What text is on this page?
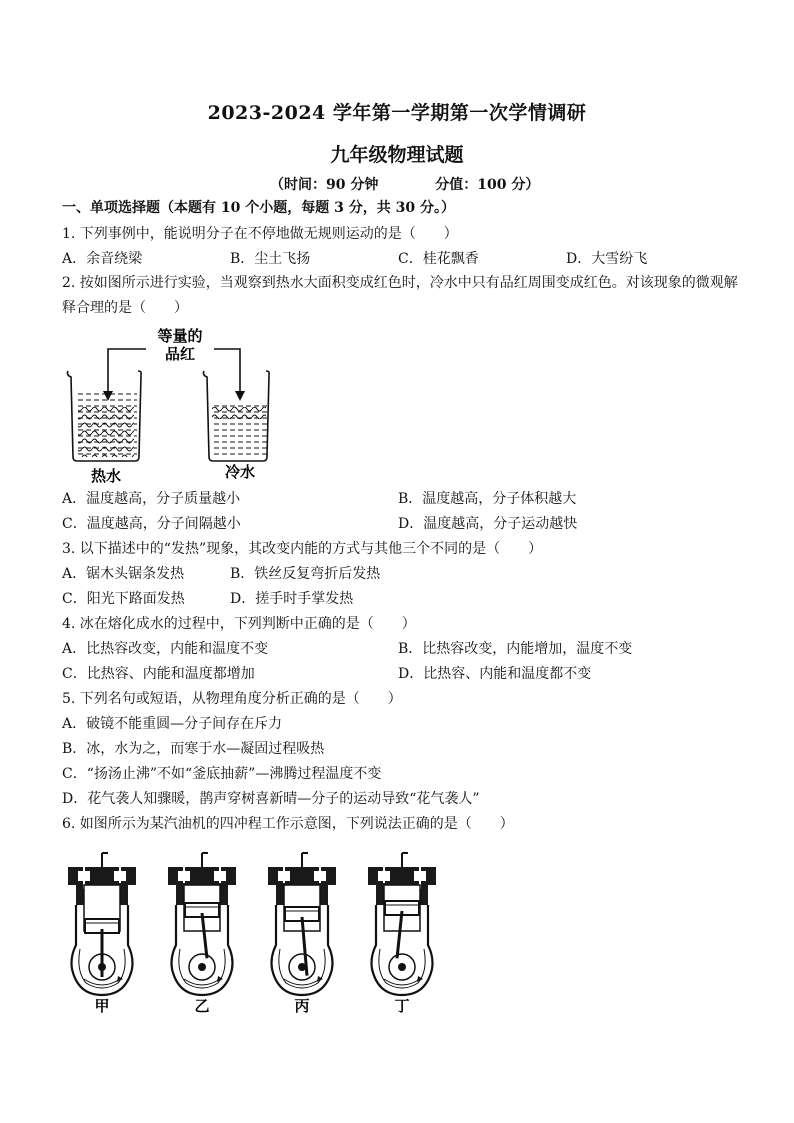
2023-2024 学年第一学期第一次学情调研
九年级物理试题
（时间：90 分钟	分值：100 分）
一、单项选择题（本题有 10 个小题，每题 3 分，共 30 分。）
1. 下列事例中，能说明分子在不停地做无规则运动的是（　　）
A．余音绕梁	B．尘土飞扬	C．桂花飘香	D．大雪纷飞
2. 按如图所示进行实验，当观察到热水大面积变成红色时，冷水中只有品红周围变成红色。对该现象的微观解释合理的是（　　）
等量的
品红
热水	冷水
A．温度越高，分子质量越小	B．温度越高，分子体积越大
C．温度越高，分子间隔越小	D．温度越高，分子运动越快
3. 以下描述中的“发热”现象，其改变内能的方式与其他三个不同的是（　　）
A．锯木头锯条发热	B．铁丝反复弯折后发热
C．阳光下路面发热	D．搓手时手掌发热
4. 冰在熔化成水的过程中，下列判断中正确的是（　　）
A．比热容改变，内能和温度不变	B．比热容改变，内能增加，温度不变
C．比热容、内能和温度都增加	D．比热容、内能和温度都不变
5. 下列名句或短语，从物理角度分析正确的是（　　）
A．破镜不能重圆—分子间存在斥力
B．冰，水为之，而寒于水—凝固过程吸热
C．“扬汤止沸”不如“釜底抽薪”—沸腾过程温度不变
D．花气袭人知骤暖，鹊声穿树喜新晴—分子的运动导致“花气袭人”
6. 如图所示为某汽油机的四冲程工作示意图，下列说法正确的是（　　）
甲	乙	丙	丁
